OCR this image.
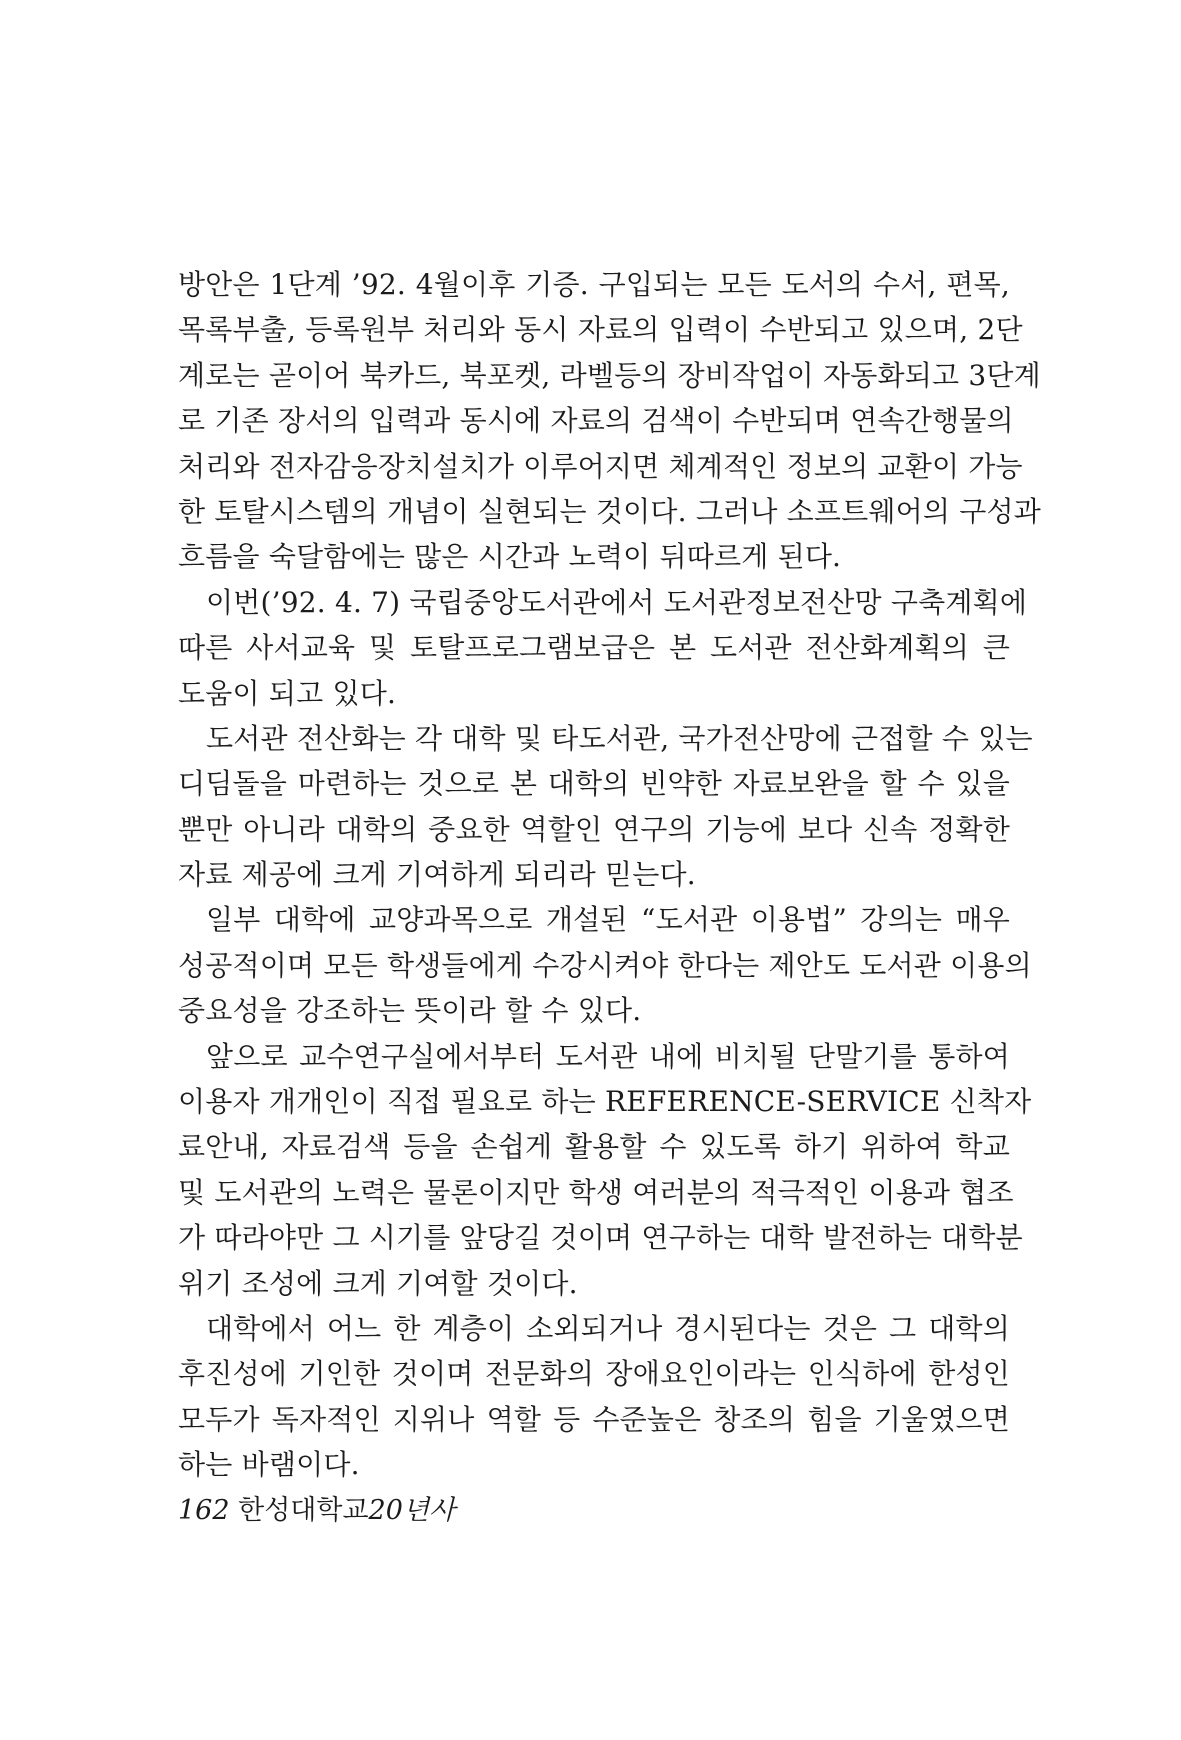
방안은 1단계 ’92. 4월이후 기증. 구입되는 모든 도서의 수서, 편목,
목록부출, 등록원부 처리와 동시 자료의 입력이 수반되고 있으며, 2단
계로는 곧이어 북카드, 북포켓, 라벨등의 장비작업이 자동화되고 3단계
로 기존 장서의 입력과 동시에 자료의 검색이 수반되며 연속간행물의
처리와 전자감응장치설치가 이루어지면 체계적인 정보의 교환이 가능
한 토탈시스템의 개념이 실현되는 것이다. 그러나 소프트웨어의 구성과
흐름을 숙달함에는 많은 시간과 노력이 뒤따르게 된다.
이번(’92. 4. 7) 국립중앙도서관에서 도서관정보전산망 구축계획에
따른 사서교육 및 토탈프로그램보급은 본 도서관 전산화계획의 큰
도움이 되고 있다.
도서관 전산화는 각 대학 및 타도서관, 국가전산망에 근접할 수 있는
디딤돌을 마련하는 것으로 본 대학의 빈약한 자료보완을 할 수 있을
뿐만 아니라 대학의 중요한 역할인 연구의 기능에 보다 신속 정확한
자료 제공에 크게 기여하게 되리라 믿는다.
일부 대학에 교양과목으로 개설된 “도서관 이용법” 강의는 매우
성공적이며 모든 학생들에게 수강시켜야 한다는 제안도 도서관 이용의
중요성을 강조하는 뜻이라 할 수 있다.
앞으로 교수연구실에서부터 도서관 내에 비치될 단말기를 통하여
이용자 개개인이 직접 필요로 하는 REFERENCE-SERVICE 신착자
료안내, 자료검색 등을 손쉽게 활용할 수 있도록 하기 위하여 학교
및 도서관의 노력은 물론이지만 학생 여러분의 적극적인 이용과 협조
가 따라야만 그 시기를 앞당길 것이며 연구하는 대학 발전하는 대학분
위기 조성에 크게 기여할 것이다.
대학에서 어느 한 계층이 소외되거나 경시된다는 것은 그 대학의
후진성에 기인한 것이며 전문화의 장애요인이라는 인식하에 한성인
모두가 독자적인 지위나 역할 등 수준높은 창조의 힘을 기울였으면
하는 바램이다.
162 한성대학교20년사
